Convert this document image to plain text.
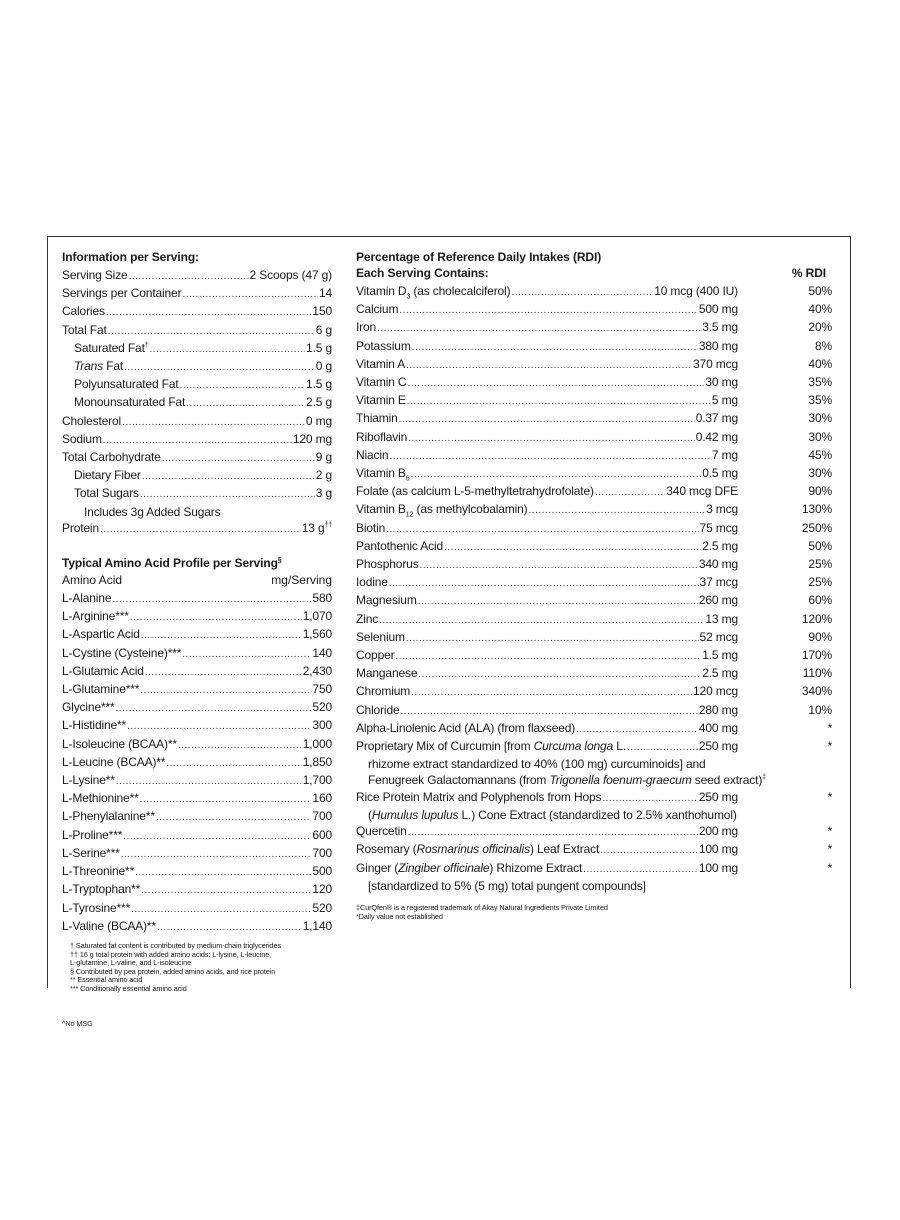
Information per Serving:
Serving Size .....	2 Scoops (47 g)
Servings per Container .....	14
Calories .....	150
Total Fat .....	6 g
Saturated Fat† .....	1.5 g
Trans Fat .....	0 g
Polyunsaturated Fat .....	1.5 g
Monounsaturated Fat .....	2.5 g
Cholesterol .....	0 mg
Sodium .....	120 mg
Total Carbohydrate .....	9 g
Dietary Fiber .....	2 g
Total Sugars .....	3 g
Includes 3g Added Sugars
Protein .....	13 g††
Typical Amino Acid Profile per Serving§
Amino Acid	mg/Serving
L-Alanine .....	580
L-Arginine*** .....	1,070
L-Aspartic Acid .....	1,560
L-Cystine (Cysteine)*** .....	140
L-Glutamic Acid .....	2,430
L-Glutamine*** .....	750
Glycine*** .....	520
L-Histidine** .....	300
L-Isoleucine (BCAA)** .....	1,000
L-Leucine (BCAA)** .....	1,850
L-Lysine** .....	1,700
L-Methionine** .....	160
L-Phenylalanine** .....	700
L-Proline*** .....	600
L-Serine*** .....	700
L-Threonine** .....	500
L-Tryptophan** .....	120
L-Tyrosine*** .....	520
L-Valine (BCAA)** .....	1,140
† Saturated fat content is contributed by medium-chain triglycerides
†† 16 g total protein with added amino acids: L-lysine, L-leucine,
L-glutamine, L-valine, and L-isoleucine
§ Contributed by pea protein, added amino acids, and rice protein
** Essential amino acid
*** Conditionally essential amino acid
^No MSG
Percentage of Reference Daily Intakes (RDI)
Each Serving Contains:	% RDI
Vitamin $D_3$ (as cholecalciferol) .....	10 mcg (400 IU)	50%
Calcium .....	500 mg	40%
Iron .....	3.5 mg	20%
Potassium .....	380 mg	8%
Vitamin A .....	370 mcg	40%
Vitamin C .....	30 mg	35%
Vitamin E .....	5 mg	35%
Thiamin .....	0.37 mg	30%
Riboflavin .....	0.42 mg	30%
Niacin .....	7 mg	45%
Vitamin $B_6$ .....	0.5 mg	30%
Folate (as calcium L-5-methyltetrahydrofolate) .....	340 mcg DFE	90%
Vitamin $B_{12}$ (as methylcobalamin) .....	3 mcg	130%
Biotin .....	75 mcg	250%
Pantothenic Acid .....	2.5 mg	50%
Phosphorus .....	340 mg	25%
Iodine .....	37 mcg	25%
Magnesium .....	260 mg	60%
Zinc .....	13 mg	120%
Selenium .....	52 mcg	90%
Copper .....	1.5 mg	170%
Manganese .....	2.5 mg	110%
Chromium .....	120 mcg	340%
Chloride .....	280 mg	10%
Alpha-Linolenic Acid (ALA) (from flaxseed) .....	400 mg	*
Proprietary Mix of Curcumin [from Curcuma longa L. .....	250 mg	*
rhizome extract standardized to 40% (100 mg) curcuminoids] and
Fenugreek Galactomannans (from Trigonella foenum-graecum seed extract)‡
Rice Protein Matrix and Polyphenols from Hops .....	250 mg	*
(Humulus lupulus L.) Cone Extract (standardized to 2.5% xanthohumol)
Quercetin .....	200 mg	*
Rosemary (Rosmarinus officinalis) Leaf Extract .....	100 mg	*
Ginger (Zingiber officinale) Rhizome Extract .....	100 mg	*
[standardized to 5% (5 mg) total pungent compounds]
‡CurQfen® is a registered trademark of Akay Natural Ingredients Private Limited
*Daily value not established
